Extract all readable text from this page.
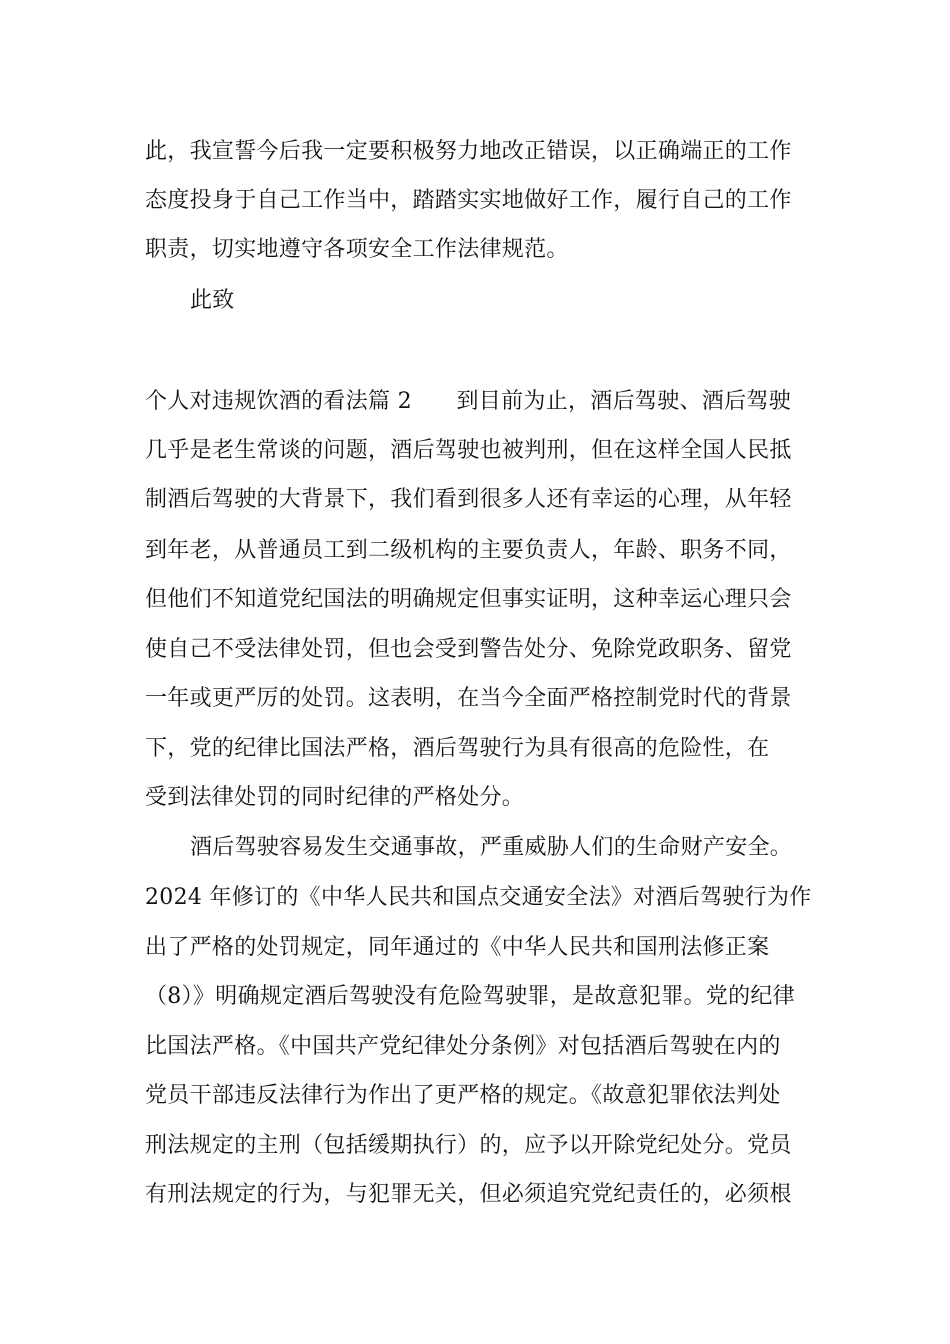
此，我宣誓今后我一定要积极努力地改正错误，以正确端正的工作
态度投身于自己工作当中，踏踏实实地做好工作，履行自己的工作
职责，切实地遵守各项安全工作法律规范。
此致
个人对违规饮酒的看法篇 2　　到目前为止，酒后驾驶、酒后驾驶
几乎是老生常谈的问题，酒后驾驶也被判刑，但在这样全国人民抵
制酒后驾驶的大背景下，我们看到很多人还有幸运的心理，从年轻
到年老，从普通员工到二级机构的主要负责人，年龄、职务不同，
但他们不知道党纪国法的明确规定但事实证明，这种幸运心理只会
使自己不受法律处罚，但也会受到警告处分、免除党政职务、留党
一年或更严厉的处罚。这表明，在当今全面严格控制党时代的背景
下，党的纪律比国法严格，酒后驾驶行为具有很高的危险性，在
受到法律处罚的同时纪律的严格处分。
酒后驾驶容易发生交通事故，严重威胁人们的生命财产安全。
2024 年修订的《中华人民共和国点交通安全法》对酒后驾驶行为作
出了严格的处罚规定，同年通过的《中华人民共和国刑法修正案
（8）》明确规定酒后驾驶没有危险驾驶罪，是故意犯罪。党的纪律
比国法严格。《中国共产党纪律处分条例》对包括酒后驾驶在内的
党员干部违反法律行为作出了更严格的规定。《故意犯罪依法判处
刑法规定的主刑（包括缓期执行）的，应予以开除党纪处分。党员
有刑法规定的行为，与犯罪无关，但必须追究党纪责任的，必须根
